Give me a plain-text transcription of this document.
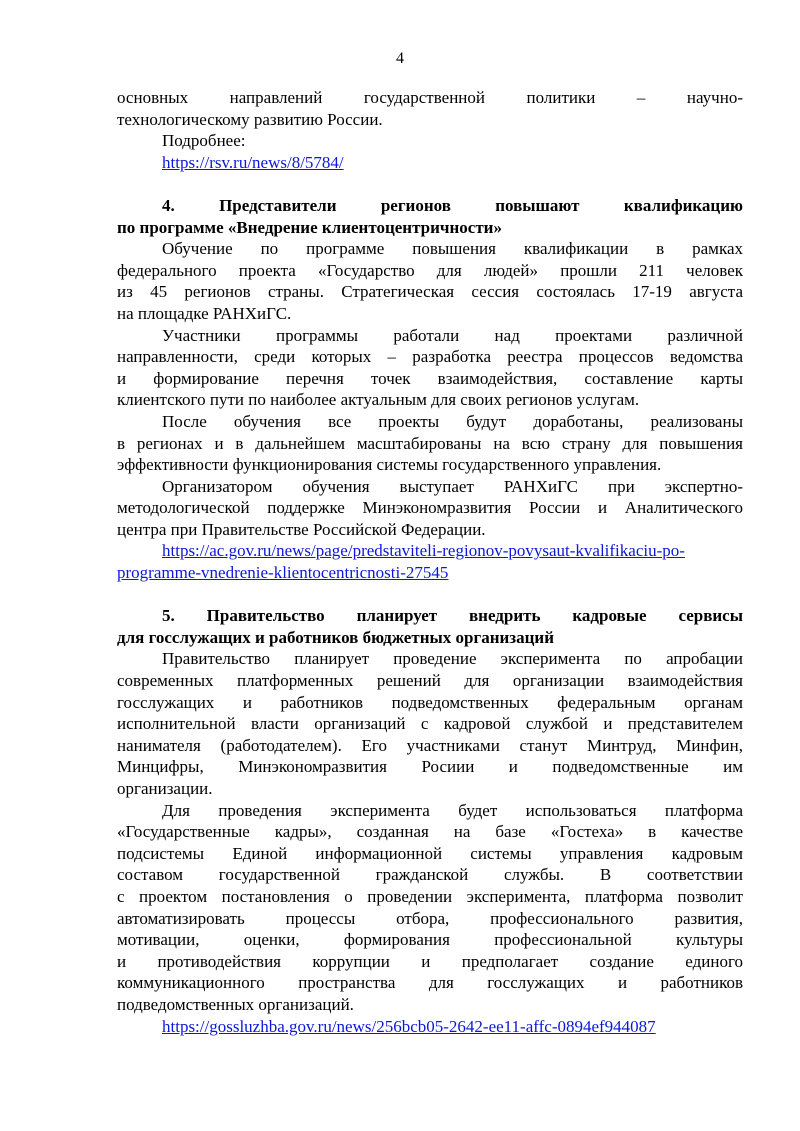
4
основных направлений государственной политики – научно-
технологическому развитию России.
Подробнее:
https://rsv.ru/news/8/5784/
4. Представители регионов повышают квалификацию
по программе «Внедрение клиентоцентричности»
Обучение по программе повышения квалификации в рамках
федерального проекта «Государство для людей» прошли 211 человек
из 45 регионов страны. Стратегическая сессия состоялась 17-19 августа
на площадке РАНХиГС.
Участники программы работали над проектами различной
направленности, среди которых – разработка реестра процессов ведомства
и формирование перечня точек взаимодействия, составление карты
клиентского пути по наиболее актуальным для своих регионов услугам.
После обучения все проекты будут доработаны, реализованы
в регионах и в дальнейшем масштабированы на всю страну для повышения
эффективности функционирования системы государственного управления.
Организатором обучения выступает РАНХиГС при экспертно-
методологической поддержке Минэкономразвития России и Аналитического
центра при Правительстве Российской Федерации.
https://ac.gov.ru/news/page/predstaviteli-regionov-povysaut-kvalifikaciu-po-
programme-vnedrenie-klientocentricnosti-27545
5. Правительство планирует внедрить кадровые сервисы
для госслужащих и работников бюджетных организаций
Правительство планирует проведение эксперимента по апробации
современных платформенных решений для организации взаимодействия
госслужащих и работников подведомственных федеральным органам
исполнительной власти организаций с кадровой службой и представителем
нанимателя (работодателем). Его участниками станут Минтруд, Минфин,
Минцифры, Минэкономразвития Росиии и подведомственные им
организации.
Для проведения эксперимента будет использоваться платформа
«Государственные кадры», созданная на базе «Гостеха» в качестве
подсистемы Единой информационной системы управления кадровым
составом государственной гражданской службы. В соответствии
с проектом постановления о проведении эксперимента, платформа позволит
автоматизировать процессы отбора, профессионального развития,
мотивации, оценки, формирования профессиональной культуры
и противодействия коррупции и предполагает создание единого
коммуникационного пространства для госслужащих и работников
подведомственных организаций.
https://gossluzhba.gov.ru/news/256bcb05-2642-ee11-affc-0894ef944087
